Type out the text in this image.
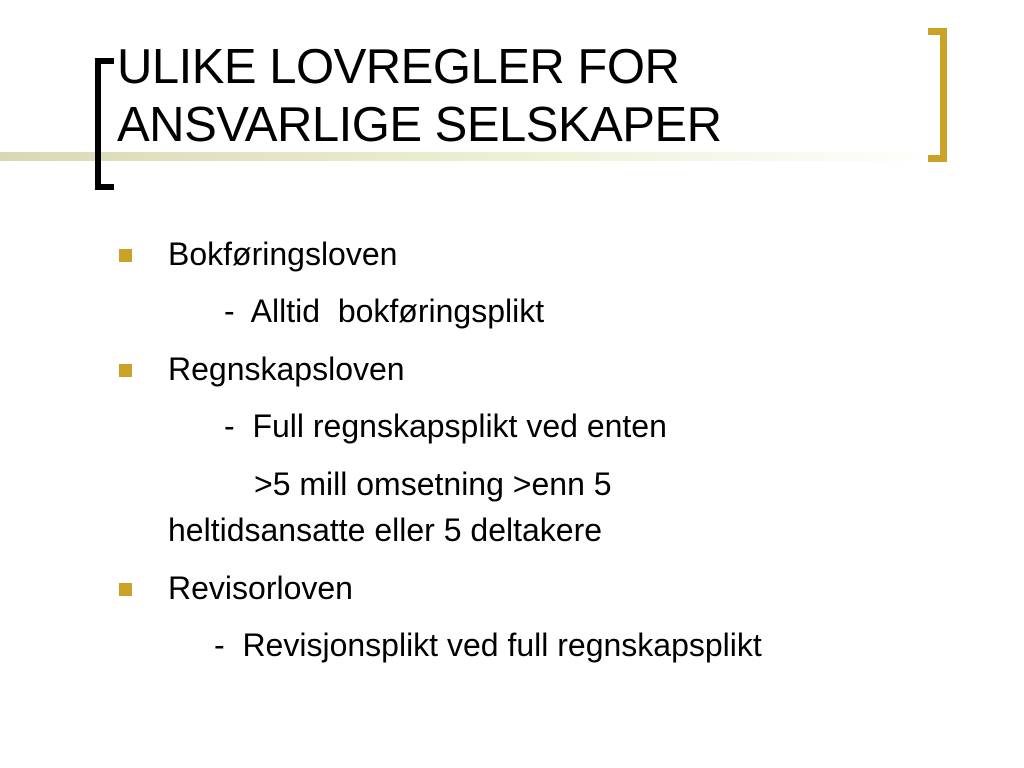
ULIKE LOVREGLER FOR
ANSVARLIGE SELSKAPER
Bokføringsloven
-  Alltid  bokføringsplikt
Regnskapsloven
-  Full regnskapsplikt ved enten
>5 mill omsetning >enn 5
heltidsansatte eller 5 deltakere
Revisorloven
-  Revisjonsplikt ved full regnskapsplikt
